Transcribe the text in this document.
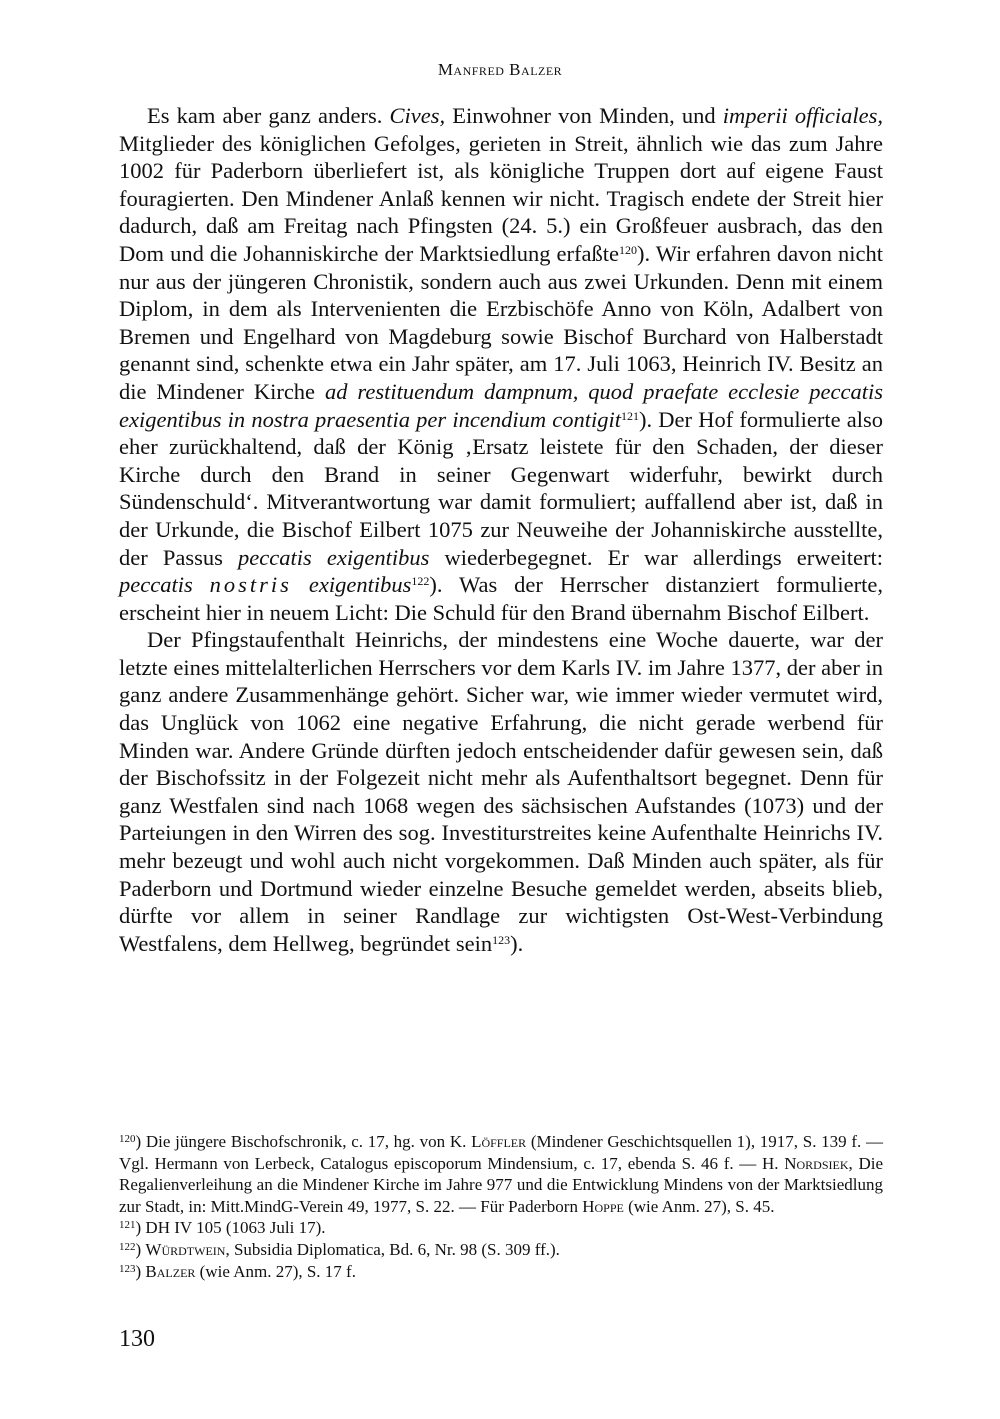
Manfred Balzer

Es kam aber ganz anders. Cives, Einwohner von Minden, und imperii officiales, Mitglieder des königlichen Gefolges, gerieten in Streit, ähnlich wie das zum Jahre 1002 für Paderborn überliefert ist, als königliche Truppen dort auf eigene Faust fouragierten. Den Mindener Anlaß kennen wir nicht. Tragisch endete der Streit hier dadurch, daß am Freitag nach Pfingsten (24. 5.) ein Großfeuer ausbrach, das den Dom und die Johanniskirche der Marktsiedlung erfaßte$^{120}$). Wir erfahren davon nicht nur aus der jüngeren Chronistik, sondern auch aus zwei Urkunden. Denn mit einem Diplom, in dem als Intervenienten die Erzbischöfe Anno von Köln, Adalbert von Bremen und Engelhard von Magdeburg sowie Bischof Burchard von Halberstadt genannt sind, schenkte etwa ein Jahr später, am 17. Juli 1063, Heinrich IV. Besitz an die Mindener Kirche ad restituendum dampnum, quod praefate ecclesie peccatis exigentibus in nostra praesentia per incendium contigit$^{121}$). Der Hof formulierte also eher zurückhaltend, daß der König ‚Ersatz leistete für den Schaden, der dieser Kirche durch den Brand in seiner Gegenwart widerfuhr, bewirkt durch Sündenschuld‘. Mitverantwortung war damit formuliert; auffallend aber ist, daß in der Urkunde, die Bischof Eilbert 1075 zur Neuweihe der Johanniskirche ausstellte, der Passus peccatis exigentibus wiederbegegnet. Er war allerdings erweitert: peccatis nostris exigentibus$^{122}$). Was der Herrscher distanziert formulierte, erscheint hier in neuem Licht: Die Schuld für den Brand übernahm Bischof Eilbert.

Der Pfingstaufenthalt Heinrichs, der mindestens eine Woche dauerte, war der letzte eines mittelalterlichen Herrschers vor dem Karls IV. im Jahre 1377, der aber in ganz andere Zusammenhänge gehört. Sicher war, wie immer wieder vermutet wird, das Unglück von 1062 eine negative Erfahrung, die nicht gerade werbend für Minden war. Andere Gründe dürften jedoch entscheidender dafür gewesen sein, daß der Bischofssitz in der Folgezeit nicht mehr als Aufenthaltsort begegnet. Denn für ganz Westfalen sind nach 1068 wegen des sächsischen Aufstandes (1073) und der Parteiungen in den Wirren des sog. Investiturstreites keine Aufenthalte Heinrichs IV. mehr bezeugt und wohl auch nicht vorgekommen. Daß Minden auch später, als für Paderborn und Dortmund wieder einzelne Besuche gemeldet werden, abseits blieb, dürfte vor allem in seiner Randlage zur wichtigsten Ost-West-Verbindung Westfalens, dem Hellweg, begründet sein$^{123}$).

$^{120}$) Die jüngere Bischofschronik, c. 17, hg. von K. Löffler (Mindener Geschichtsquellen 1), 1917, S. 139 f. — Vgl. Hermann von Lerbeck, Catalogus episcoporum Mindensium, c. 17, ebenda S. 46 f. — H. Nordsiek, Die Regalienverleihung an die Mindener Kirche im Jahre 977 und die Entwicklung Mindens von der Marktsiedlung zur Stadt, in: Mitt.MindG-Verein 49, 1977, S. 22. — Für Paderborn Hoppe (wie Anm. 27), S. 45.

$^{121}$) DH IV 105 (1063 Juli 17).

$^{122}$) Würdtwein, Subsidia Diplomatica, Bd. 6, Nr. 98 (S. 309 ff.).

$^{123}$) Balzer (wie Anm. 27), S. 17 f.

130
